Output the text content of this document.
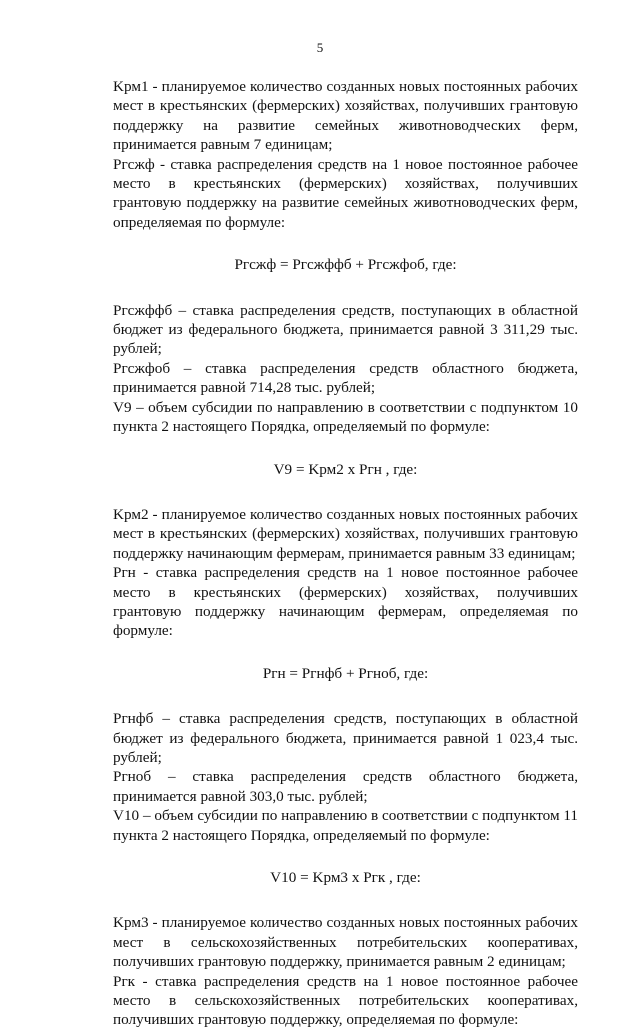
5

Kрм1 - планируемое количество созданных новых постоянных рабочих мест в крестьянских (фермерских) хозяйствах, получивших грантовую поддержку на развитие семейных животноводческих ферм, принимается равным 7 единицам;

Pгсжф - ставка распределения средств на 1 новое постоянное рабочее место в крестьянских (фермерских) хозяйствах, получивших грантовую поддержку на развитие семейных животноводческих ферм, определяемая по формуле:

Pгсжф = Pгсжффб + Pгсжфоб, где:

Pгсжффб – ставка распределения средств, поступающих в областной бюджет из федерального бюджета, принимается равной 3 311,29 тыс. рублей;

Pгсжфоб – ставка распределения средств областного бюджета, принимается равной 714,28 тыс. рублей;

V9 – объем субсидии по направлению в соответствии с подпунктом 10 пункта 2 настоящего Порядка, определяемый по формуле:

V9 = Kрм2 x Pгн , где:

Kрм2 - планируемое количество созданных новых постоянных рабочих мест в крестьянских (фермерских) хозяйствах, получивших грантовую поддержку начинающим фермерам, принимается равным 33 единицам;

Pгн - ставка распределения средств на 1 новое постоянное рабочее место в крестьянских (фермерских) хозяйствах, получивших грантовую поддержку начинающим фермерам, определяемая по формуле:

Pгн = Pгнфб + Pгноб, где:

Pгнфб – ставка распределения средств, поступающих в областной бюджет из федерального бюджета, принимается равной 1 023,4 тыс. рублей;

Pгноб – ставка распределения средств областного бюджета, принимается равной 303,0 тыс. рублей;

V10 – объем субсидии по направлению в соответствии с подпунктом 11 пункта 2 настоящего Порядка, определяемый по формуле:

V10 = Kрм3 x Pгк , где:

Kрм3 - планируемое количество созданных новых постоянных рабочих мест в сельскохозяйственных потребительских кооперативах, получивших грантовую поддержку, принимается равным 2 единицам;

Pгк - ставка распределения средств на 1 новое постоянное рабочее место в сельскохозяйственных потребительских кооперативах, получивших грантовую поддержку, определяемая по формуле:
